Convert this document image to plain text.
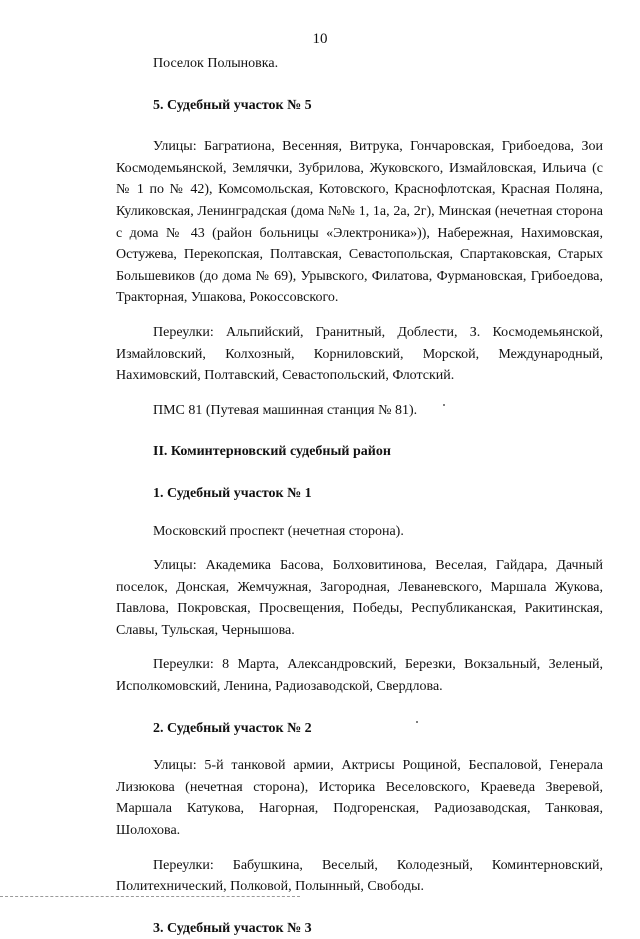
10

Поселок Полыновка.

5. Судебный участок № 5

Улицы: Багратиона, Весенняя, Витрука, Гончаровская, Грибоедова, Зои Космодемьянской, Землячки, Зубрилова, Жуковского, Измайловская, Ильича (с № 1 по № 42), Комсомольская, Котовского, Краснофлотская, Красная Поляна, Куликовская, Ленинградская (дома №№ 1, 1а, 2а, 2г), Минская (нечетная сторона с дома № 43 (район больницы «Электроника»)), Набережная, Нахимовская, Остужева, Перекопская, Полтавская, Севастопольская, Спартаковская, Старых Большевиков (до дома № 69), Урывского, Филатова, Фурмановская, Грибоедова, Тракторная, Ушакова, Рокоссовского.

Переулки: Альпийский, Гранитный, Доблести, З. Космодемьянской, Измайловский, Колхозный, Корниловский, Морской, Международный, Нахимовский, Полтавский, Севастопольский, Флотский.

ПМС 81 (Путевая машинная станция № 81).

II. Коминтерновский судебный район

1. Судебный участок № 1

Московский проспект (нечетная сторона).

Улицы: Академика Басова, Болховитинова, Веселая, Гайдара, Дачный поселок, Донская, Жемчужная, Загородная, Леваневского, Маршала Жукова, Павлова, Покровская, Просвещения, Победы, Республиканская, Ракитинская, Славы, Тульская, Чернышова.

Переулки: 8 Марта, Александровский, Березки, Вокзальный, Зеленый, Исполкомовский, Ленина, Радиозаводской, Свердлова.

2. Судебный участок № 2

Улицы: 5-й танковой армии, Актрисы Рощиной, Беспаловой, Генерала Лизюкова (нечетная сторона), Историка Веселовского, Краеведа Зверевой, Маршала Катукова, Нагорная, Подгоренская, Радиозаводская, Танковая, Шолохова.

Переулки: Бабушкина, Веселый, Колодезный, Коминтерновский, Политехнический, Полковой, Полынный, Свободы.

3. Судебный участок № 3
